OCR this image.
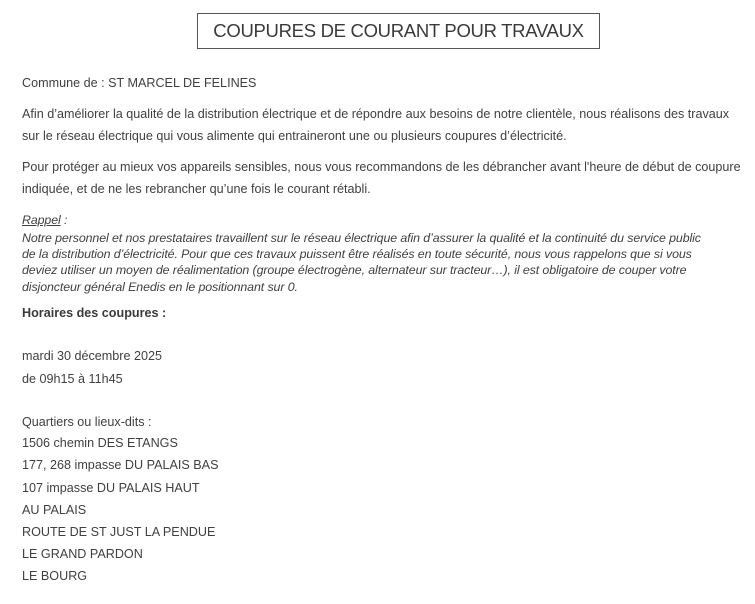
COUPURES DE COURANT POUR TRAVAUX
Commune de : ST MARCEL DE FELINES
Afin d’améliorer la qualité de la distribution électrique et de répondre aux besoins de notre clientèle, nous réalisons des travaux
sur le réseau électrique qui vous alimente qui entraineront une ou plusieurs coupures d’électricité.
Pour protéger au mieux vos appareils sensibles, nous vous recommandons de les débrancher avant l'heure de début de coupure
indiquée, et de ne les rebrancher qu’une fois le courant rétabli.
Rappel :
Notre personnel et nos prestataires travaillent sur le réseau électrique afin d’assurer la qualité et la continuité du service public
de la distribution d’électricité. Pour que ces travaux puissent être réalisés en toute sécurité, nous vous rappelons que si vous
deviez utiliser un moyen de réalimentation (groupe électrogène, alternateur sur tracteur…), il est obligatoire de couper votre
disjoncteur général Enedis en le positionnant sur 0.
Horaires des coupures :
mardi 30 décembre 2025
de 09h15 à 11h45
Quartiers ou lieux-dits :
1506 chemin DES ETANGS
177, 268 impasse DU PALAIS BAS
107 impasse DU PALAIS HAUT
AU PALAIS
ROUTE DE ST JUST LA PENDUE
LE GRAND PARDON
LE BOURG
